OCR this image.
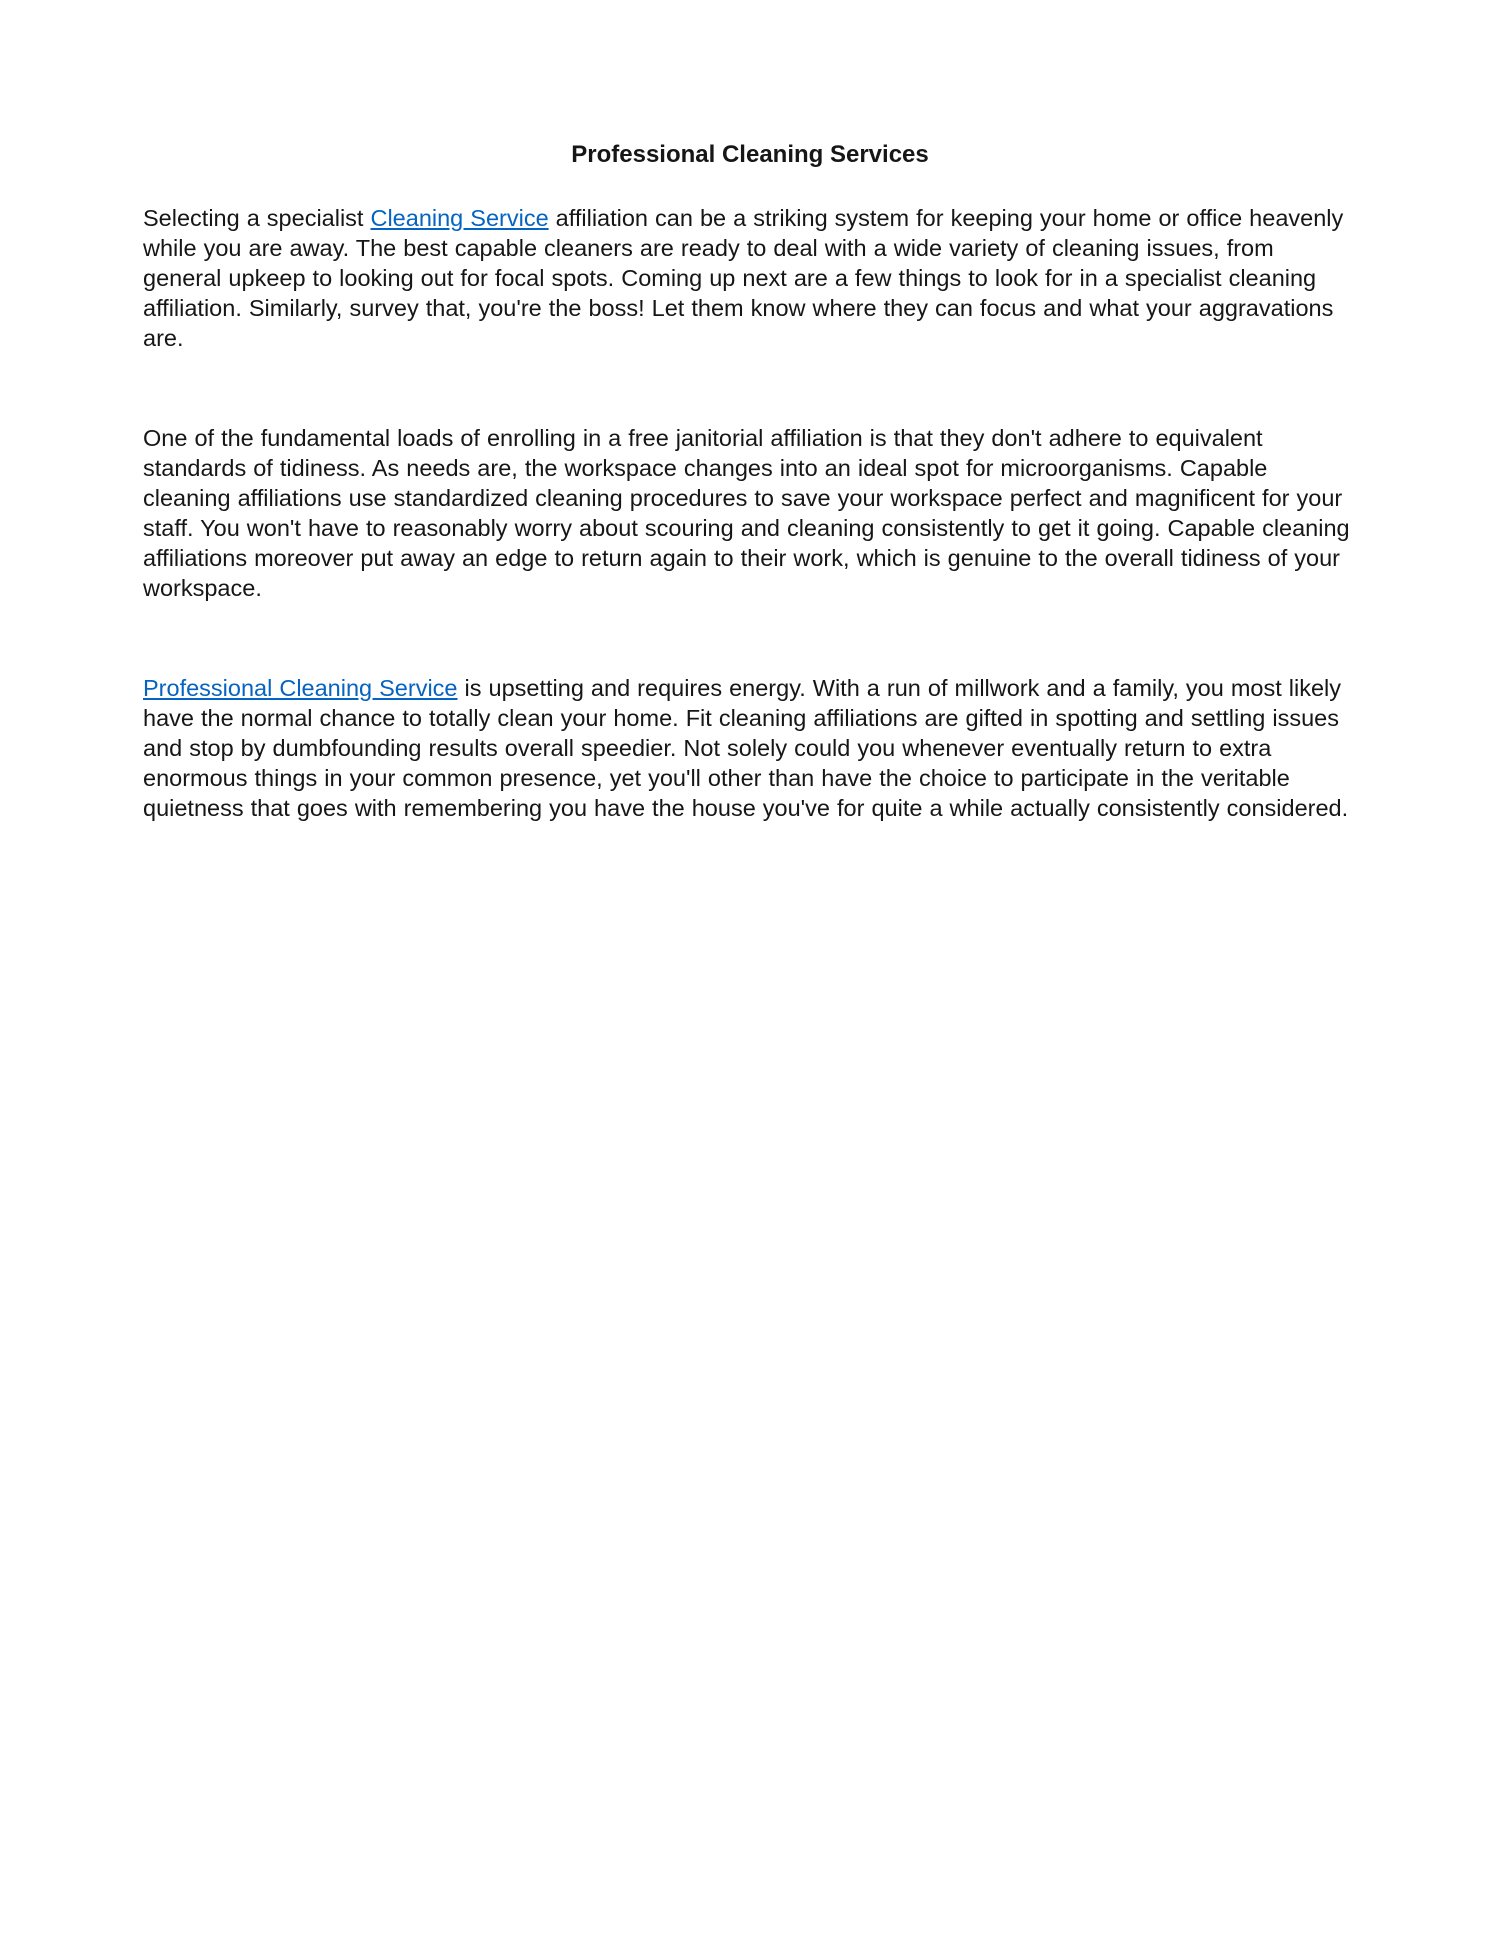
Professional Cleaning Services

Selecting a specialist Cleaning Service affiliation can be a striking system for keeping your home or office heavenly while you are away. The best capable cleaners are ready to deal with a wide variety of cleaning issues, from general upkeep to looking out for focal spots. Coming up next are a few things to look for in a specialist cleaning affiliation. Similarly, survey that, you're the boss! Let them know where they can focus and what your aggravations are.

One of the fundamental loads of enrolling in a free janitorial affiliation is that they don't adhere to equivalent standards of tidiness. As needs are, the workspace changes into an ideal spot for microorganisms. Capable cleaning affiliations use standardized cleaning procedures to save your workspace perfect and magnificent for your staff. You won't have to reasonably worry about scouring and cleaning consistently to get it going. Capable cleaning affiliations moreover put away an edge to return again to their work, which is genuine to the overall tidiness of your workspace.

Professional Cleaning Service is upsetting and requires energy. With a run of millwork and a family, you most likely have the normal chance to totally clean your home. Fit cleaning affiliations are gifted in spotting and settling issues and stop by dumbfounding results overall speedier. Not solely could you whenever eventually return to extra enormous things in your common presence, yet you'll other than have the choice to participate in the veritable quietness that goes with remembering you have the house you've for quite a while actually consistently considered.
